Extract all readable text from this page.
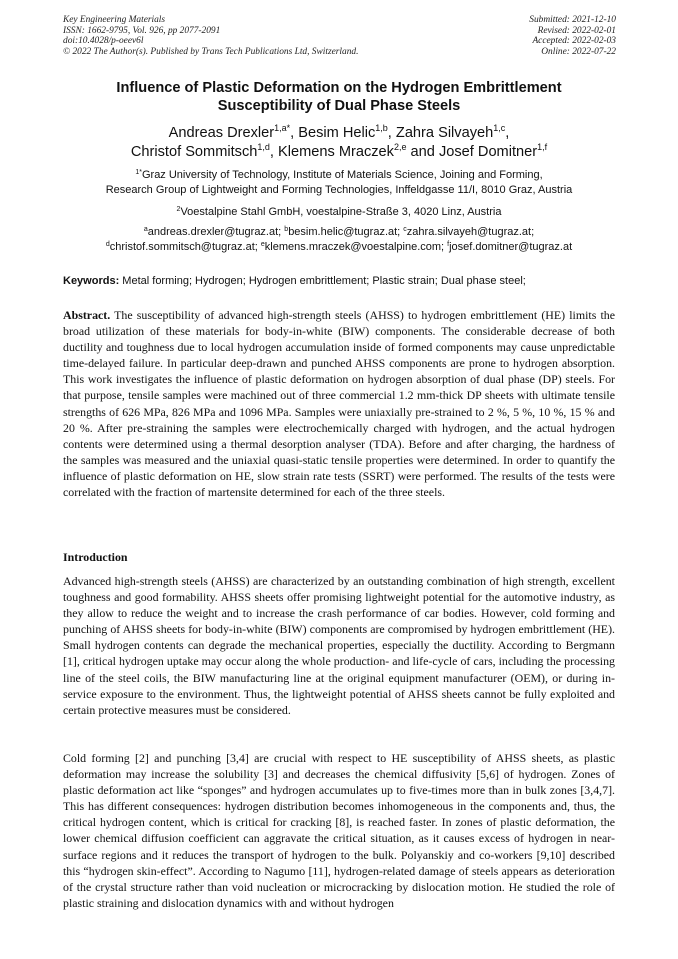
Key Engineering Materials
ISSN: 1662-9795, Vol. 926, pp 2077-2091
doi:10.4028/p-oeev6l
© 2022 The Author(s). Published by Trans Tech Publications Ltd, Switzerland.
Submitted: 2021-12-10
Revised: 2022-02-01
Accepted: 2022-02-03
Online: 2022-07-22
Influence of Plastic Deformation on the Hydrogen Embrittlement
Susceptibility of Dual Phase Steels
Andreas Drexler$^{1,a*}$, Besim Helic$^{1,b}$, Zahra Silvayeh$^{1,c}$,
Christof Sommitsch$^{1,d}$, Klemens Mraczek$^{2,e}$ and Josef Domitner$^{1,f}$
$^{1*}$Graz University of Technology, Institute of Materials Science, Joining and Forming,
Research Group of Lightweight and Forming Technologies, Inffeldgasse 11/I, 8010 Graz, Austria
$^2$Voestalpine Stahl GmbH, voestalpine-Straße 3, 4020 Linz, Austria
$^a$andreas.drexler@tugraz.at; $^b$besim.helic@tugraz.at; $^c$zahra.silvayeh@tugraz.at;
$^d$christof.sommitsch@tugraz.at; $^e$klemens.mraczek@voestalpine.com; $^f$josef.domitner@tugraz.at
Keywords: Metal forming; Hydrogen; Hydrogen embrittlement; Plastic strain; Dual phase steel;
Abstract. The susceptibility of advanced high-strength steels (AHSS) to hydrogen embrittlement (HE) limits the broad utilization of these materials for body-in-white (BIW) components. The considerable decrease of both ductility and toughness due to local hydrogen accumulation inside of formed components may cause unpredictable time-delayed failure. In particular deep-drawn and punched AHSS components are prone to hydrogen absorption. This work investigates the influence of plastic deformation on hydrogen absorption of dual phase (DP) steels. For that purpose, tensile samples were machined out of three commercial 1.2 mm-thick DP sheets with ultimate tensile strengths of 626 MPa, 826 MPa and 1096 MPa. Samples were uniaxially pre-strained to 2 %, 5 %, 10 %, 15 % and 20 %. After pre-straining the samples were electrochemically charged with hydrogen, and the actual hydrogen contents were determined using a thermal desorption analyser (TDA). Before and after charging, the hardness of the samples was measured and the uniaxial quasi-static tensile properties were determined. In order to quantify the influence of plastic deformation on HE, slow strain rate tests (SSRT) were performed. The results of the tests were correlated with the fraction of martensite determined for each of the three steels.
Introduction
Advanced high-strength steels (AHSS) are characterized by an outstanding combination of high strength, excellent toughness and good formability. AHSS sheets offer promising lightweight potential for the automotive industry, as they allow to reduce the weight and to increase the crash performance of car bodies. However, cold forming and punching of AHSS sheets for body-in-white (BIW) components are compromised by hydrogen embrittlement (HE). Small hydrogen contents can degrade the mechanical properties, especially the ductility. According to Bergmann [1], critical hydrogen uptake may occur along the whole production- and life-cycle of cars, including the processing line of the steel coils, the BIW manufacturing line at the original equipment manufacturer (OEM), or during in-service exposure to the environment. Thus, the lightweight potential of AHSS sheets cannot be fully exploited and certain protective measures must be considered.
Cold forming [2] and punching [3,4] are crucial with respect to HE susceptibility of AHSS sheets, as plastic deformation may increase the solubility [3] and decreases the chemical diffusivity [5,6] of hydrogen. Zones of plastic deformation act like “sponges” and hydrogen accumulates up to five-times more than in bulk zones [3,4,7]. This has different consequences: hydrogen distribution becomes inhomogeneous in the components and, thus, the critical hydrogen content, which is critical for cracking [8], is reached faster. In zones of plastic deformation, the lower chemical diffusion coefficient can aggravate the critical situation, as it causes excess of hydrogen in near-surface regions and it reduces the transport of hydrogen to the bulk. Polyanskiy and co-workers [9,10] described this “hydrogen skin-effect”. According to Nagumo [11], hydrogen-related damage of steels appears as deterioration of the crystal structure rather than void nucleation or microcracking by dislocation motion. He studied the role of plastic straining and dislocation dynamics with and without hydrogen
